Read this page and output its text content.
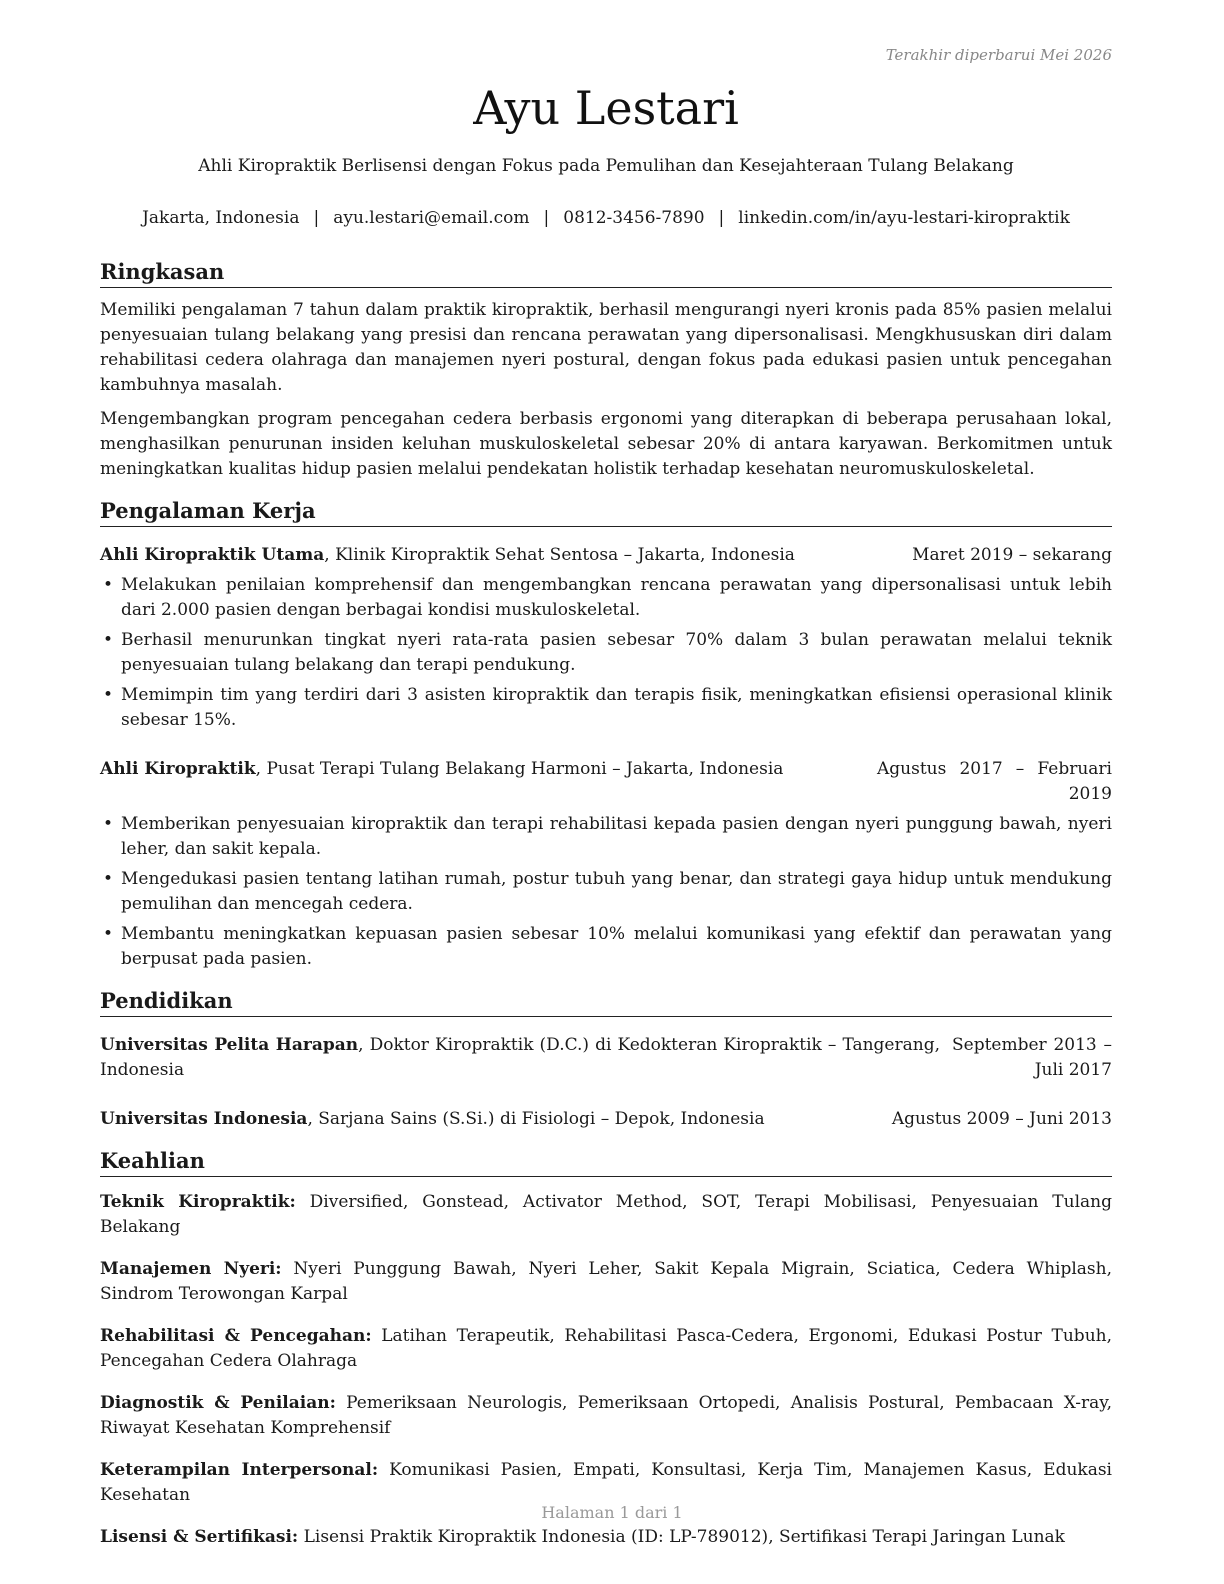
Terakhir diperbarui Mei 2026

Ayu Lestari

Ahli Kiropraktik Berlisensi dengan Fokus pada Pemulihan dan Kesejahteraan Tulang Belakang

Jakarta, Indonesia | ayu.lestari@email.com | 0812-3456-7890 | linkedin.com/in/ayu-lestari-kiropraktik

Ringkasan

Memiliki pengalaman 7 tahun dalam praktik kiropraktik, berhasil mengurangi nyeri kronis pada 85% pasien melalui penyesuaian tulang belakang yang presisi dan rencana perawatan yang dipersonalisasi. Mengkhususkan diri dalam rehabilitasi cedera olahraga dan manajemen nyeri postural, dengan fokus pada edukasi pasien untuk pencegahan kambuhnya masalah.

Mengembangkan program pencegahan cedera berbasis ergonomi yang diterapkan di beberapa perusahaan lokal, menghasilkan penurunan insiden keluhan muskuloskeletal sebesar 20% di antara karyawan. Berkomitmen untuk meningkatkan kualitas hidup pasien melalui pendekatan holistik terhadap kesehatan neuromuskuloskeletal.

Pengalaman Kerja
Ahli Kiropraktik Utama, Klinik Kiropraktik Sehat Sentosa – Jakarta, Indonesia	Maret 2019 – sekarang
• Melakukan penilaian komprehensif dan mengembangkan rencana perawatan yang dipersonalisasi untuk lebih dari 2.000 pasien dengan berbagai kondisi muskuloskeletal.
• Berhasil menurunkan tingkat nyeri rata-rata pasien sebesar 70% dalam 3 bulan perawatan melalui teknik penyesuaian tulang belakang dan terapi pendukung.
• Memimpin tim yang terdiri dari 3 asisten kiropraktik dan terapis fisik, meningkatkan efisiensi operasional klinik sebesar 15%.
Ahli Kiropraktik, Pusat Terapi Tulang Belakang Harmoni – Jakarta, Indonesia	Agustus 2017 – Februari 2019
• Memberikan penyesuaian kiropraktik dan terapi rehabilitasi kepada pasien dengan nyeri punggung bawah, nyeri leher, dan sakit kepala.
• Mengedukasi pasien tentang latihan rumah, postur tubuh yang benar, dan strategi gaya hidup untuk mendukung pemulihan dan mencegah cedera.
• Membantu meningkatkan kepuasan pasien sebesar 10% melalui komunikasi yang efektif dan perawatan yang berpusat pada pasien.
Pendidikan
Universitas Pelita Harapan, Doktor Kiropraktik (D.C.) di Kedokteran Kiropraktik – Tangerang, Indonesia
September 2013 – Juli 2017
Universitas Indonesia, Sarjana Sains (S.Si.) di Fisiologi – Depok, Indonesia	Agustus 2009 – Juni 2013
Keahlian

Teknik Kiropraktik: Diversified, Gonstead, Activator Method, SOT, Terapi Mobilisasi, Penyesuaian Tulang Belakang

Manajemen Nyeri: Nyeri Punggung Bawah, Nyeri Leher, Sakit Kepala Migrain, Sciatica, Cedera Whiplash, Sindrom Terowongan Karpal

Rehabilitasi & Pencegahan: Latihan Terapeutik, Rehabilitasi Pasca-Cedera, Ergonomi, Edukasi Postur Tubuh, Pencegahan Cedera Olahraga

Diagnostik & Penilaian: Pemeriksaan Neurologis, Pemeriksaan Ortopedi, Analisis Postural, Pembacaan X-ray, Riwayat Kesehatan Komprehensif

Keterampilan Interpersonal: Komunikasi Pasien, Empati, Konsultasi, Kerja Tim, Manajemen Kasus, Edukasi Kesehatan

Lisensi & Sertifikasi: Lisensi Praktik Kiropraktik Indonesia (ID: LP-789012), Sertifikasi Terapi Jaringan Lunak

Halaman 1 dari 1
